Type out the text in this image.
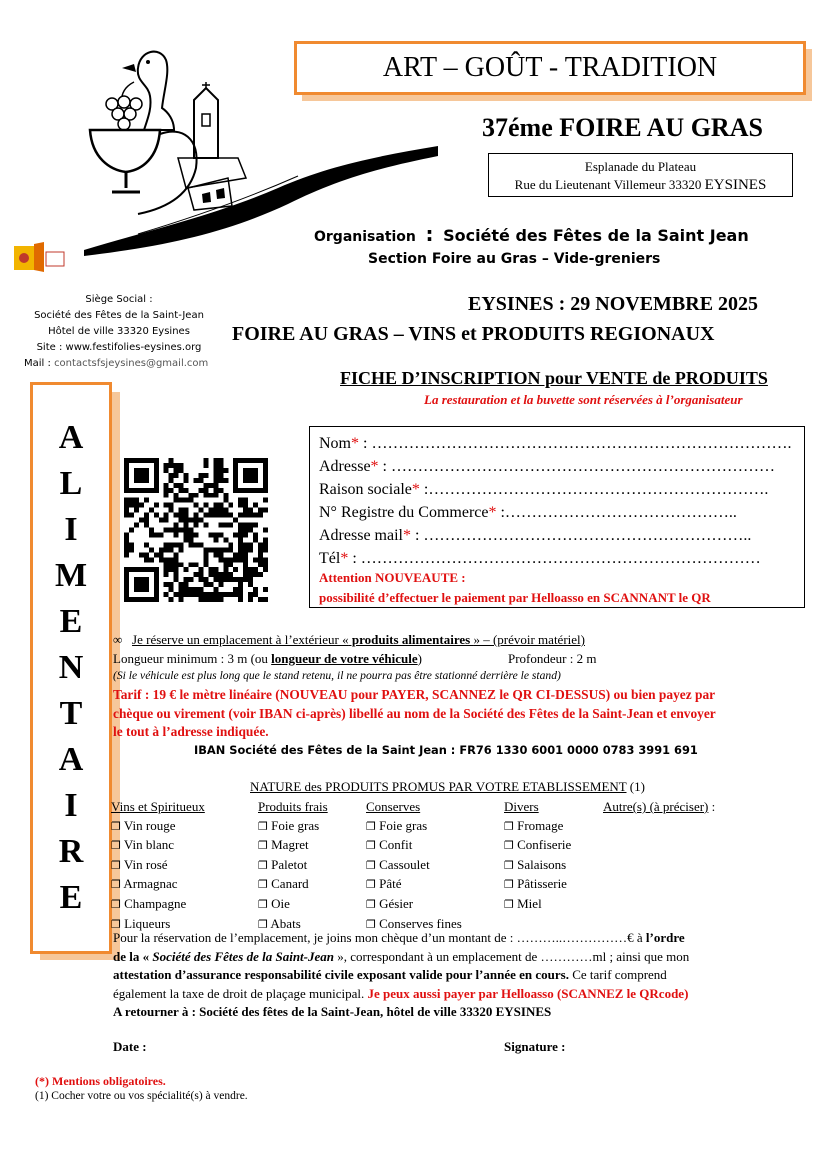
ART – GOÛT - TRADITION
37éme FOIRE AU GRAS
Esplanade du Plateau
Rue du Lieutenant Villemeur 33320 EYSINES
Organisation : Société des Fêtes de la Saint Jean
Section Foire au Gras – Vide-greniers
Siège Social :
Société des Fêtes de la Saint-Jean
Hôtel de ville 33320 Eysines
Site : www.festifolies-eysines.org
Mail : contactsfsjeysines@gmail.com
EYSINES : 29 NOVEMBRE 2025
FOIRE AU GRAS – VINS et PRODUITS REGIONAUX
FICHE D’INSCRIPTION pour VENTE de PRODUITS
La restauration et la buvette sont réservées à l’organisateur
A
L
I
M
E
N
T
A
I
R
E
Nom* : …………………………………………………………………….
Adresse* : ………………………………………………………………
Raison sociale* :……………………………………………………….
N° Registre du Commerce* :……………………………………..
Adresse mail* : ……………………………………………………..
Tél* : …………………………………………………………………
Attention NOUVEAUTE :
possibilité d’effectuer le paiement par Helloasso en SCANNANT le QR
∞ Je réserve un emplacement à l’extérieur « produits alimentaires » – (prévoir matériel)
Longueur minimum : 3 m (ou longueur de votre véhicule)	Profondeur : 2 m
(Si le véhicule est plus long que le stand retenu, il ne pourra pas être stationné derrière le stand)
Tarif : 19 € le mètre linéaire (NOUVEAU pour PAYER, SCANNEZ le QR CI-DESSUS) ou bien payez par
chèque ou virement (voir IBAN ci-après) libellé au nom de la Société des Fêtes de la Saint-Jean et envoyer
le tout à l’adresse indiquée.
IBAN Société des Fêtes de la Saint Jean : FR76 1330 6001 0000 0783 3991 691
NATURE des PRODUITS PROMUS PAR VOTRE ETABLISSEMENT (1)
Vins et Spiritueux
❐ Vin rouge
❐ Vin blanc
❐ Vin rosé
❐ Armagnac
❐ Champagne
❐ Liqueurs
Produits frais
❐ Foie gras
❐ Magret
❐ Paletot
❐ Canard
❐ Oie
❐ Abats
Conserves
❐ Foie gras
❐ Confit
❐ Cassoulet
❐ Pâté
❐ Gésier
❐ Conserves fines
Divers
❐ Fromage
❐ Confiserie
❐ Salaisons
❐ Pâtisserie
❐ Miel
Autre(s) (à préciser) :
Pour la réservation de l’emplacement, je joins mon chèque d’un montant de : ………..……………€ à l’ordre
de la « Société des Fêtes de la Saint-Jean », correspondant à un emplacement de …………ml ; ainsi que mon
attestation d’assurance responsabilité civile exposant valide pour l’année en cours. Ce tarif comprend
également la taxe de droit de plaçage municipal. Je peux aussi payer par Helloasso (SCANNEZ le QRcode)
A retourner à : Société des fêtes de la Saint-Jean, hôtel de ville 33320 EYSINES
Date :	Signature :
(*) Mentions obligatoires.
(1) Cocher votre ou vos spécialité(s) à vendre.
